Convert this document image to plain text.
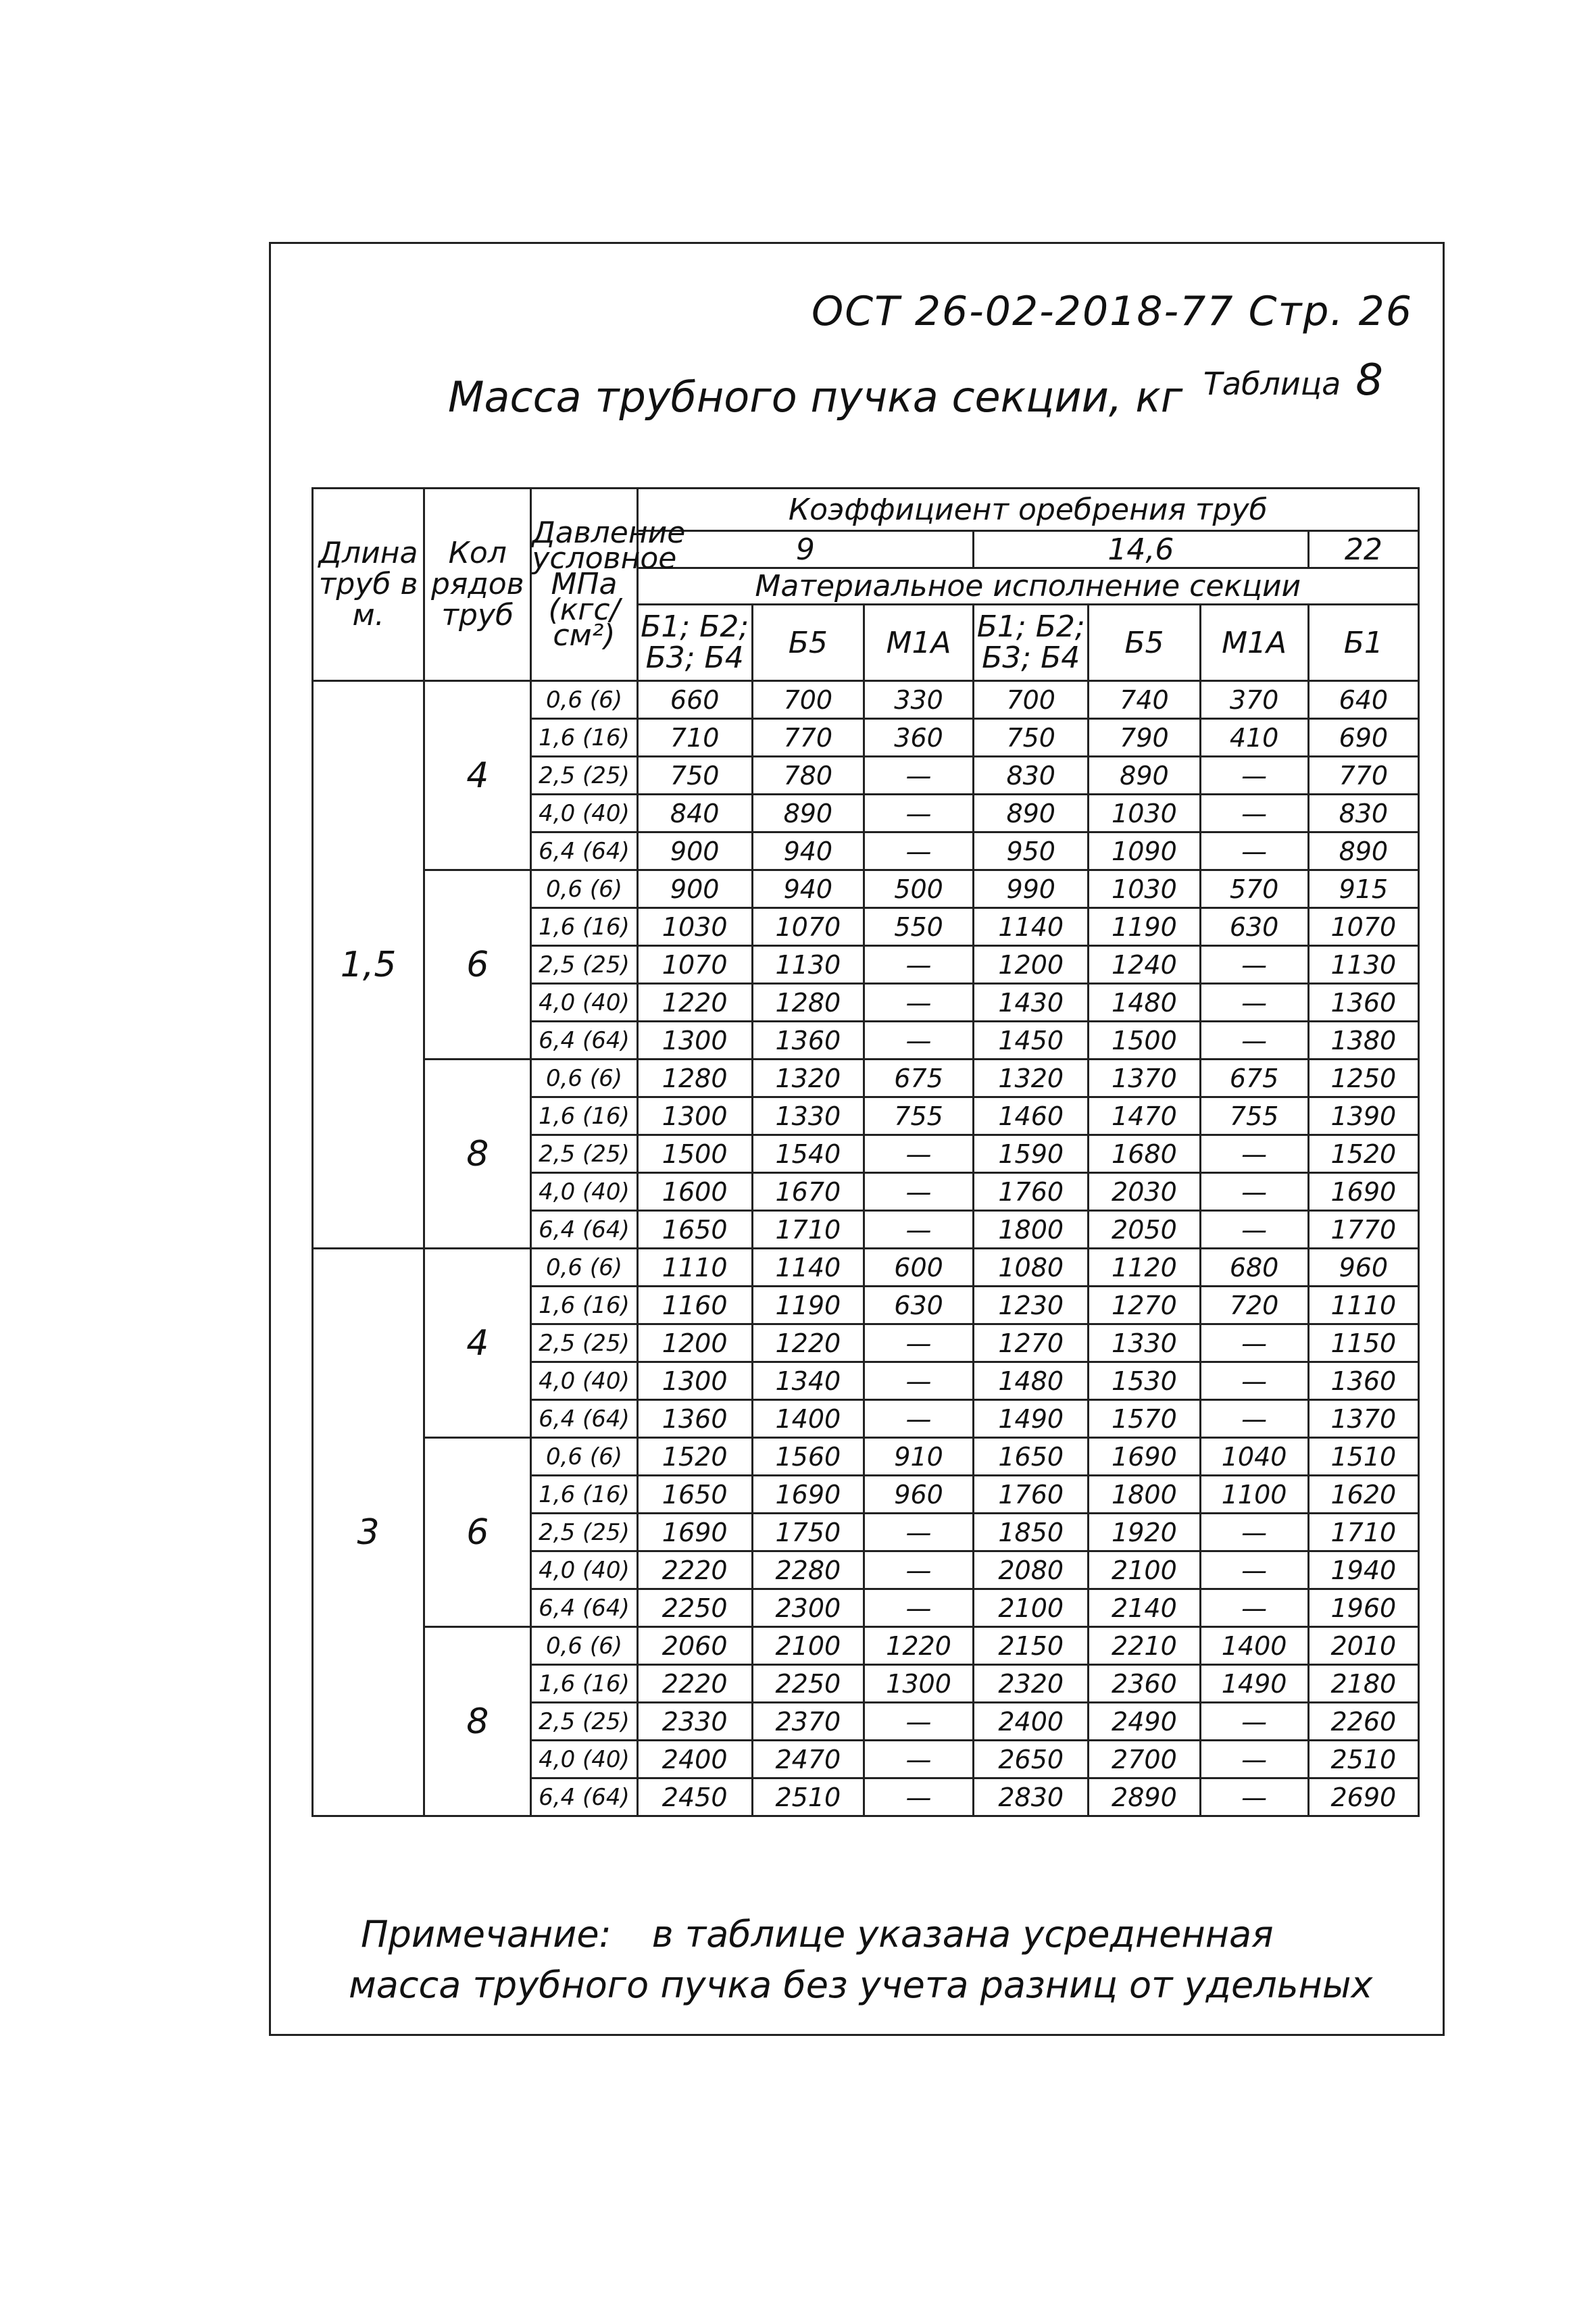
ОСТ 26-02-2018-77 Стр. 26
Таблица 8
Масса трубного пучка секции, кг
Длина труб в м.	Кол рядов труб	Давление условное МПа (кгс/см²)	Коэффициент оребрения труб						
			9			14,6			22
			Материальное исполнение секции						
			Б1; Б2; Б3; Б4	Б5	М1А	Б1; Б2; Б3; Б4	Б5	М1А	Б1
1,5	4	0,6 (6)	660	700	330	700	740	370	640
		1,6 (16)	710	770	360	750	790	410	690
		2,5 (25)	750	780	—	830	890	—	770
		4,0 (40)	840	890	—	890	1030	—	830
		6,4 (64)	900	940	—	950	1090	—	890
	6	0,6 (6)	900	940	500	990	1030	570	915
		1,6 (16)	1030	1070	550	1140	1190	630	1070
		2,5 (25)	1070	1130	—	1200	1240	—	1130
		4,0 (40)	1220	1280	—	1430	1480	—	1360
		6,4 (64)	1300	1360	—	1450	1500	—	1380
	8	0,6 (6)	1280	1320	675	1320	1370	675	1250
		1,6 (16)	1300	1330	755	1460	1470	755	1390
		2,5 (25)	1500	1540	—	1590	1680	—	1520
		4,0 (40)	1600	1670	—	1760	2030	—	1690
		6,4 (64)	1650	1710	—	1800	2050	—	1770
3	4	0,6 (6)	1110	1140	600	1080	1120	680	960
		1,6 (16)	1160	1190	630	1230	1270	720	1110
		2,5 (25)	1200	1220	—	1270	1330	—	1150
		4,0 (40)	1300	1340	—	1480	1530	—	1360
		6,4 (64)	1360	1400	—	1490	1570	—	1370
	6	0,6 (6)	1520	1560	910	1650	1690	1040	1510
		1,6 (16)	1650	1690	960	1760	1800	1100	1620
		2,5 (25)	1690	1750	—	1850	1920	—	1710
		4,0 (40)	2220	2280	—	2080	2100	—	1940
		6,4 (64)	2250	2300	—	2100	2140	—	1960
	8	0,6 (6)	2060	2100	1220	2150	2210	1400	2010
		1,6 (16)	2220	2250	1300	2320	2360	1490	2180
		2,5 (25)	2330	2370	—	2400	2490	—	2260
		4,0 (40)	2400	2470	—	2650	2700	—	2510
		6,4 (64)	2450	2510	—	2830	2890	—	2690
Примечание: в таблице указана усредненная
масса трубного пучка без учета разниц от удельных
